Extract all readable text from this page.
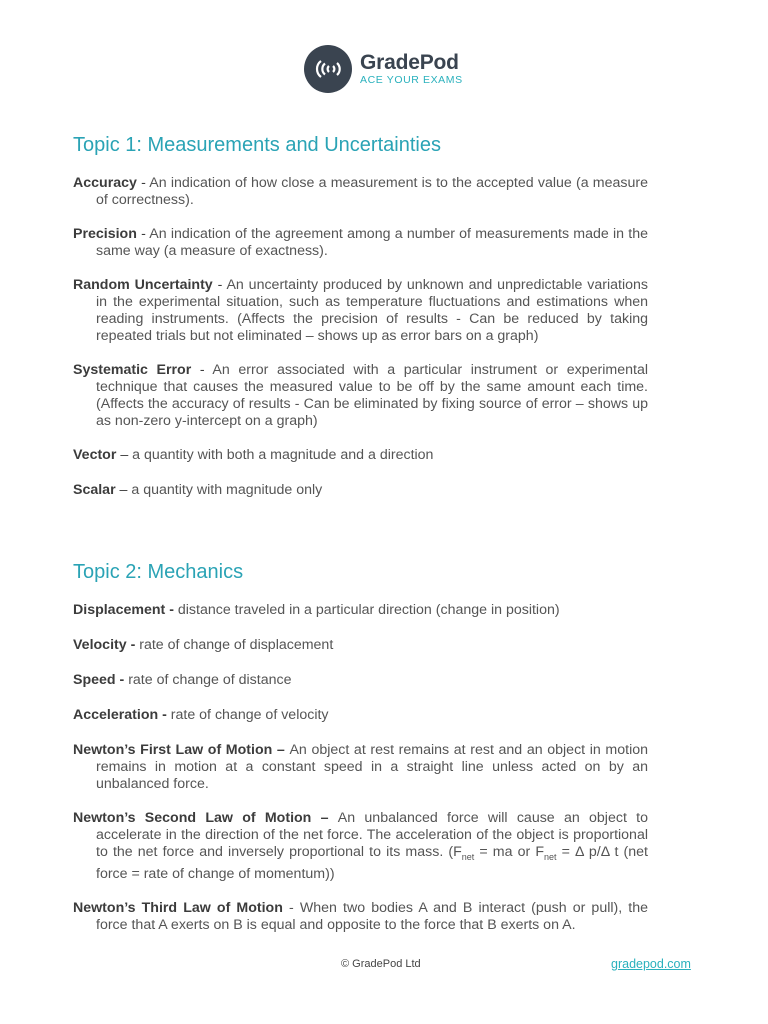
GradePod
ACE YOUR EXAMS
Topic 1: Measurements and Uncertainties

Accuracy - An indication of how close a measurement is to the accepted value (a measure of correctness).

Precision - An indication of the agreement among a number of measurements made in the same way (a measure of exactness).

Random Uncertainty - An uncertainty produced by unknown and unpredictable variations in the experimental situation, such as temperature fluctuations and estimations when reading instruments. (Affects the precision of results - Can be reduced by taking repeated trials but not eliminated – shows up as error bars on a graph)

Systematic Error - An error associated with a particular instrument or experimental technique that causes the measured value to be off by the same amount each time. (Affects the accuracy of results - Can be eliminated by fixing source of error – shows up as non-zero y-intercept on a graph)

Vector – a quantity with both a magnitude and a direction

Scalar – a quantity with magnitude only

Topic 2: Mechanics

Displacement - distance traveled in a particular direction (change in position)

Velocity - rate of change of displacement

Speed - rate of change of distance

Acceleration - rate of change of velocity

Newton’s First Law of Motion – An object at rest remains at rest and an object in motion remains in motion at a constant speed in a straight line unless acted on by an unbalanced force.

Newton’s Second Law of Motion – An unbalanced force will cause an object to accelerate in the direction of the net force. The acceleration of the object is proportional to the net force and inversely proportional to its mass. ($F_{net}$ = ma or $F_{net} = \Delta$ p/Δ t (net force = rate of change of momentum))

Newton’s Third Law of Motion - When two bodies A and B interact (push or pull), the force that A exerts on B is equal and opposite to the force that B exerts on A.

© GradePod Ltd	gradepod.com
